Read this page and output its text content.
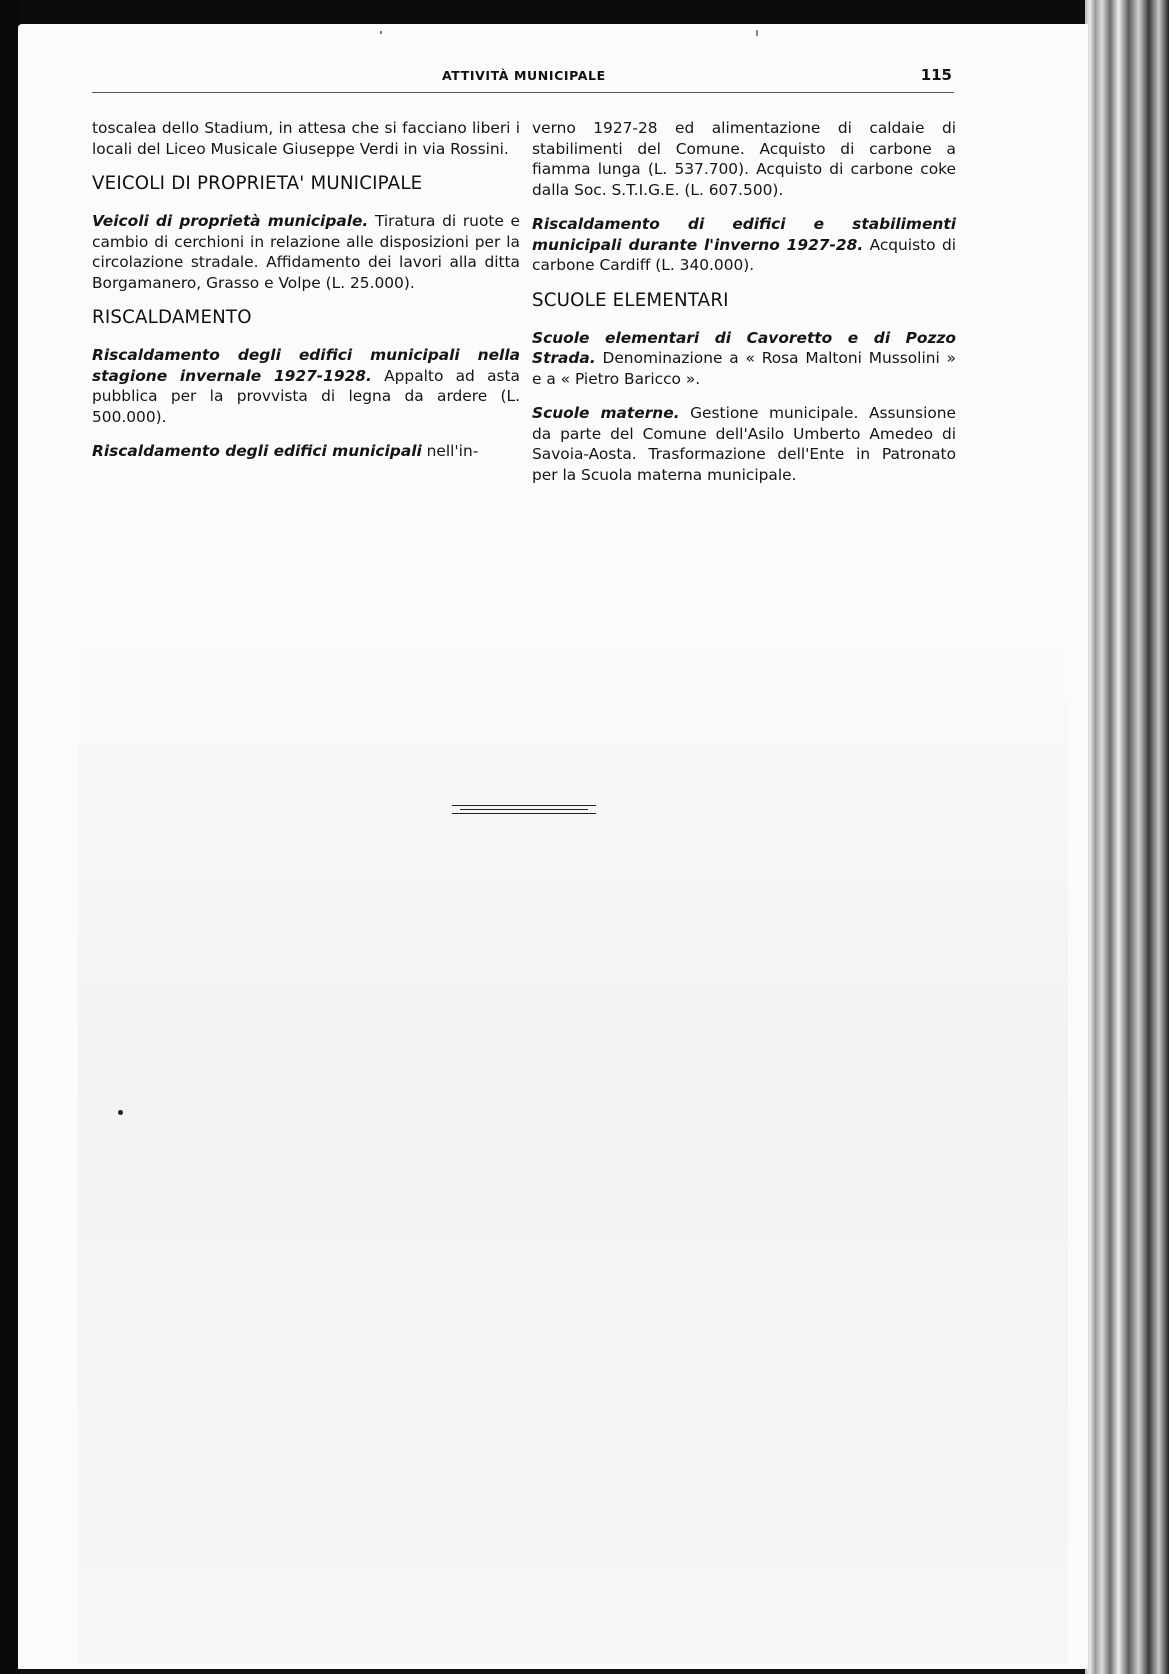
ATTIVITÀ MUNICIPALE	115

toscalea dello Stadium, in attesa che si facciano liberi i locali del Liceo Musicale Giuseppe Verdi in via Rossini.

VEICOLI DI PROPRIETA' MUNICIPALE

Veicoli di proprietà municipale. Tiratura di ruote e cambio di cerchioni in relazione alle disposizioni per la circolazione stradale. Affidamento dei lavori alla ditta Borgamanero, Grasso e Volpe (L. 25.000).

RISCALDAMENTO

Riscaldamento degli edifici municipali nella stagione invernale 1927-1928. Appalto ad asta pubblica per la provvista di legna da ardere (L. 500.000).

Riscaldamento degli edifici municipali nell'in-

verno 1927-28 ed alimentazione di caldaie di stabilimenti del Comune. Acquisto di carbone a fiamma lunga (L. 537.700). Acquisto di carbone coke dalla Soc. S.T.I.G.E. (L. 607.500).

Riscaldamento di edifici e stabilimenti municipali durante l'inverno 1927-28. Acquisto di carbone Cardiff (L. 340.000).

SCUOLE ELEMENTARI

Scuole elementari di Cavoretto e di Pozzo Strada. Denominazione a « Rosa Maltoni Mussolini » e a « Pietro Baricco ».

Scuole materne. Gestione municipale. Assunsione da parte del Comune dell'Asilo Umberto Amedeo di Savoia-Aosta. Trasformazione dell'Ente in Patronato per la Scuola materna municipale.
